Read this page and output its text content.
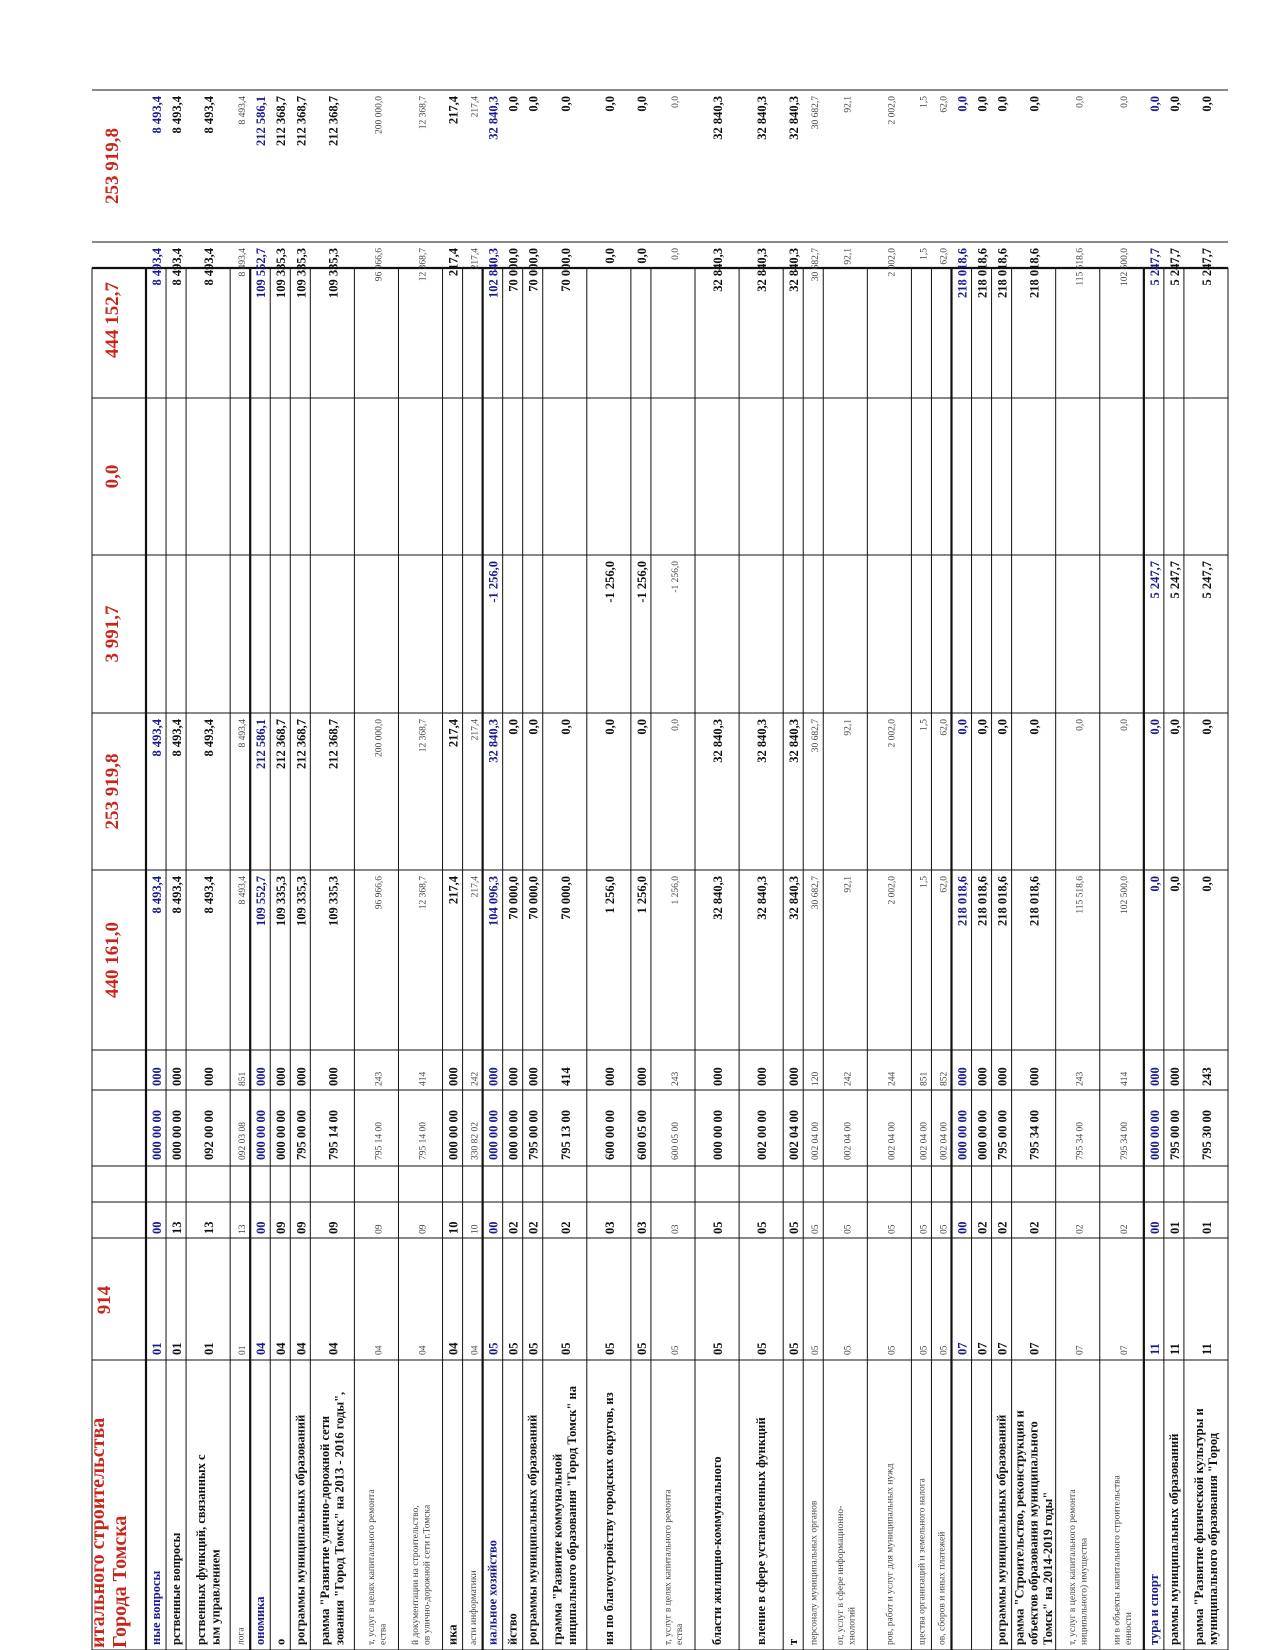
итального строительства Города Томска
914
440 161,0
253 919,8
3 991,7
0,0
444 152,7
253 919,8
ные вопросы
01
00
000 00 00
000
8 493,4
8 493,4
8 493,4
8 493,4
рственные вопросы
01
13
000 00 00
000
8 493,4
8 493,4
8 493,4
8 493,4
рственных функций, связанных с ым управлением
01
13
092 00 00
000
8 493,4
8 493,4
8 493,4
8 493,4
лога
01
13
092 03 08
851
8 493,4
8 493,4
8 493,4
8 493,4
ономика
04
00
000 00 00
000
109 552,7
212 586,1
109 552,7
212 586,1
о
04
09
000 00 00
000
109 335,3
212 368,7
109 335,3
212 368,7
рограммы муниципальных образований
04
09
795 00 00
000
109 335,3
212 368,7
109 335,3
212 368,7
рамма "Развитие улично-дорожной сети зования "Город Томск" на 2013 - 2016 годы",
04
09
795 14 00
000
109 335,3
212 368,7
109 335,3
212 368,7
т, услуг в целях капитального ремонта ества
04
09
795 14 00
243
96 966,6
200 000,0
96 966,6
200 000,0
й документации на строительство, ов улично-дорожной сети г.Томска
04
09
795 14 00
414
12 368,7
12 368,7
12 368,7
12 368,7
ика
04
10
000 00 00
000
217,4
217,4
217,4
217,4
асти информатики
04
10
330 82 02
242
217,4
217,4
217,4
217,4
иальное хозяйство
05
00
000 00 00
000
104 096,3
32 840,3
-1 256,0
102 840,3
32 840,3
йство
05
02
000 00 00
000
70 000,0
0,0
70 000,0
0,0
рограммы муниципальных образований
05
02
795 00 00
000
70 000,0
0,0
70 000,0
0,0
грамма "Развитие коммунальной ниципального образования "Город Томск" на
05
02
795 13 00
414
70 000,0
0,0
70 000,0
0,0
ия по благоустройству городских округов, из
05
03
600 00 00
000
1 256,0
0,0
-1 256,0
0,0
0,0
05
03
600 05 00
000
1 256,0
0,0
-1 256,0
0,0
0,0
т, услуг в целях капитального ремонта ества
05
03
600 05 00
243
1 256,0
0,0
-1 256,0
0,0
0,0
бласти жилищно-коммунального
05
05
000 00 00
000
32 840,3
32 840,3
32 840,3
32 840,3
вление в сфере установленных функций
05
05
002 00 00
000
32 840,3
32 840,3
32 840,3
32 840,3
т
05
05
002 04 00
000
32 840,3
32 840,3
32 840,3
32 840,3
персоналу муниципальных органов
05
05
002 04 00
120
30 682,7
30 682,7
30 682,7
30 682,7
от, услуг в сфере информационно- хнологий
05
05
002 04 00
242
92,1
92,1
92,1
92,1
ров, работ и услуг для муниципальных нужд
05
05
002 04 00
244
2 002,0
2 002,0
2 002,0
2 002,0
щества организаций и земельного налога
05
05
002 04 00
851
1,5
1,5
1,5
1,5
ов, сборов и иных платежей
05
05
002 04 00
852
62,0
62,0
62,0
62,0
07
00
000 00 00
000
218 018,6
0,0
218 018,6
0,0
07
02
000 00 00
000
218 018,6
0,0
218 018,6
0,0
рограммы муниципальных образований
07
02
795 00 00
000
218 018,6
0,0
218 018,6
0,0
рамма "Строительство, реконструкция и объектов образования муниципального Томск" на 2014-2019 годы"
07
02
795 34 00
000
218 018,6
0,0
218 018,6
0,0
т, услуг в целях капитального ремонта ниципального) имущества
07
02
795 34 00
243
115 518,6
0,0
115 518,6
0,0
ии в объекты капитального строительства енности
07
02
795 34 00
414
102 500,0
0,0
102 500,0
0,0
тура и спорт
11
00
000 00 00
000
0,0
0,0
5 247,7
5 247,7
0,0
раммы муниципальных образований
11
01
795 00 00
000
0,0
0,0
5 247,7
5 247,7
0,0
рамма "Развитие физической культуры и муниципального образования "Город
11
01
795 30 00
243
0,0
0,0
5 247,7
5 247,7
0,0
